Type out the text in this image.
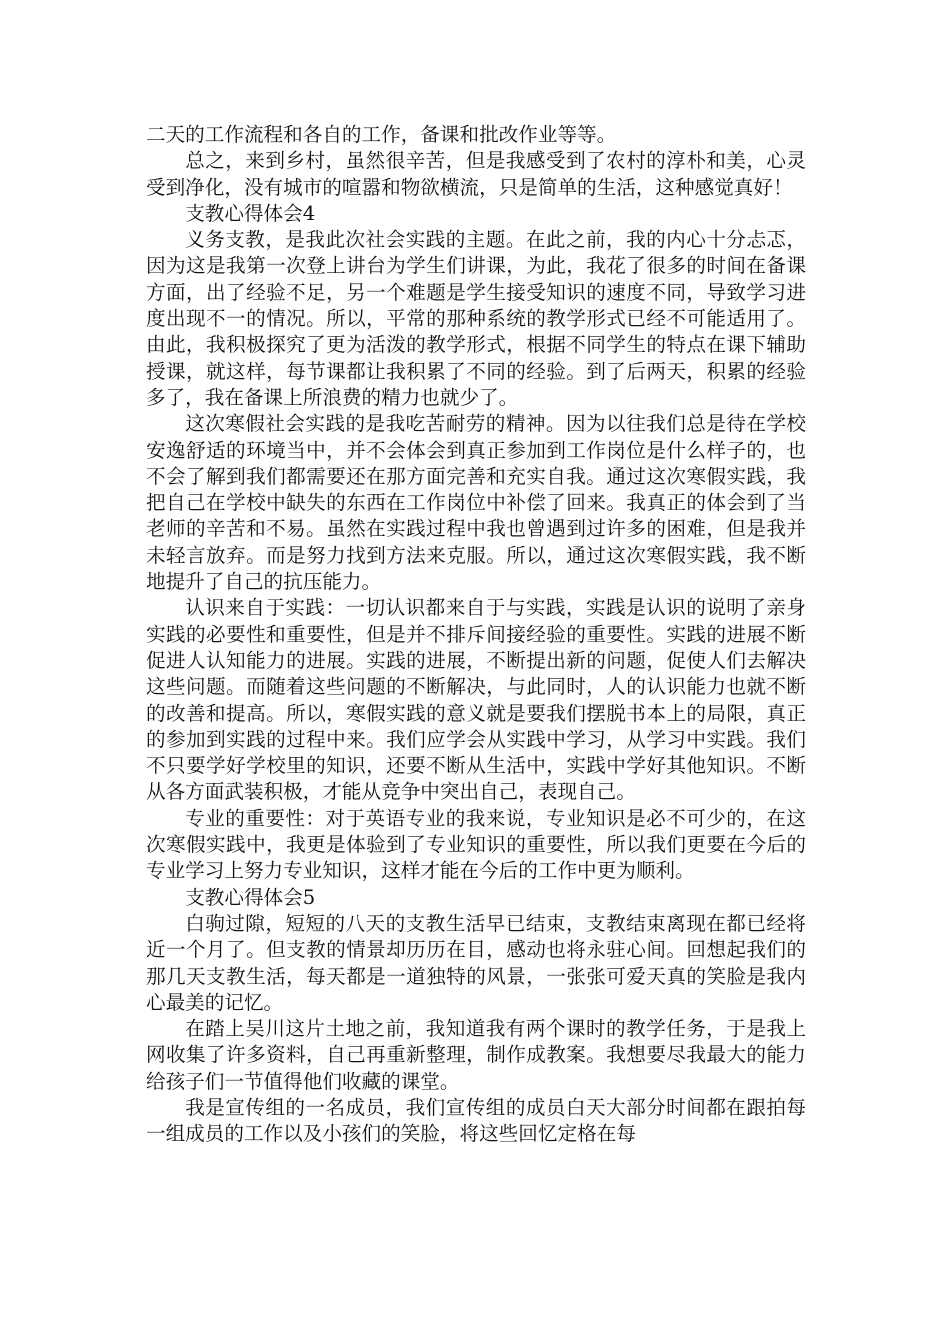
二天的工作流程和各自的工作，备课和批改作业等等。

总之，来到乡村，虽然很辛苦，但是我感受到了农村的淳朴和美，心灵受到净化，没有城市的喧嚣和物欲横流，只是简单的生活，这种感觉真好！

支教心得体会4

义务支教，是我此次社会实践的主题。在此之前，我的内心十分忐忑，因为这是我第一次登上讲台为学生们讲课，为此，我花了很多的时间在备课方面，出了经验不足，另一个难题是学生接受知识的速度不同，导致学习进度出现不一的情况。所以，平常的那种系统的教学形式已经不可能适用了。由此，我积极探究了更为活泼的教学形式，根据不同学生的特点在课下辅助授课，就这样，每节课都让我积累了不同的经验。到了后两天，积累的经验多了，我在备课上所浪费的精力也就少了。

这次寒假社会实践的是我吃苦耐劳的精神。因为以往我们总是待在学校安逸舒适的环境当中，并不会体会到真正参加到工作岗位是什么样子的，也不会了解到我们都需要还在那方面完善和充实自我。通过这次寒假实践，我把自己在学校中缺失的东西在工作岗位中补偿了回来。我真正的体会到了当老师的辛苦和不易。虽然在实践过程中我也曾遇到过许多的困难，但是我并未轻言放弃。而是努力找到方法来克服。所以，通过这次寒假实践，我不断地提升了自己的抗压能力。

认识来自于实践：一切认识都来自于与实践，实践是认识的说明了亲身实践的必要性和重要性，但是并不排斥间接经验的重要性。实践的进展不断促进人认知能力的进展。实践的进展，不断提出新的问题，促使人们去解决这些问题。而随着这些问题的不断解决，与此同时，人的认识能力也就不断的改善和提高。所以，寒假实践的意义就是要我们摆脱书本上的局限，真正的参加到实践的过程中来。我们应学会从实践中学习，从学习中实践。我们不只要学好学校里的知识，还要不断从生活中，实践中学好其他知识。不断从各方面武装积极，才能从竞争中突出自己，表现自己。

专业的重要性：对于英语专业的我来说，专业知识是必不可少的，在这次寒假实践中，我更是体验到了专业知识的重要性，所以我们更要在今后的专业学习上努力专业知识，这样才能在今后的工作中更为顺利。

支教心得体会5

白驹过隙，短短的八天的支教生活早已结束，支教结束离现在都已经将近一个月了。但支教的情景却历历在目，感动也将永驻心间。回想起我们的那几天支教生活，每天都是一道独特的风景，一张张可爱天真的笑脸是我内心最美的记忆。

在踏上吴川这片土地之前，我知道我有两个课时的教学任务，于是我上网收集了许多资料，自己再重新整理，制作成教案。我想要尽我最大的能力给孩子们一节值得他们收藏的课堂。

我是宣传组的一名成员，我们宣传组的成员白天大部分时间都在跟拍每一组成员的工作以及小孩们的笑脸，将这些回忆定格在每
